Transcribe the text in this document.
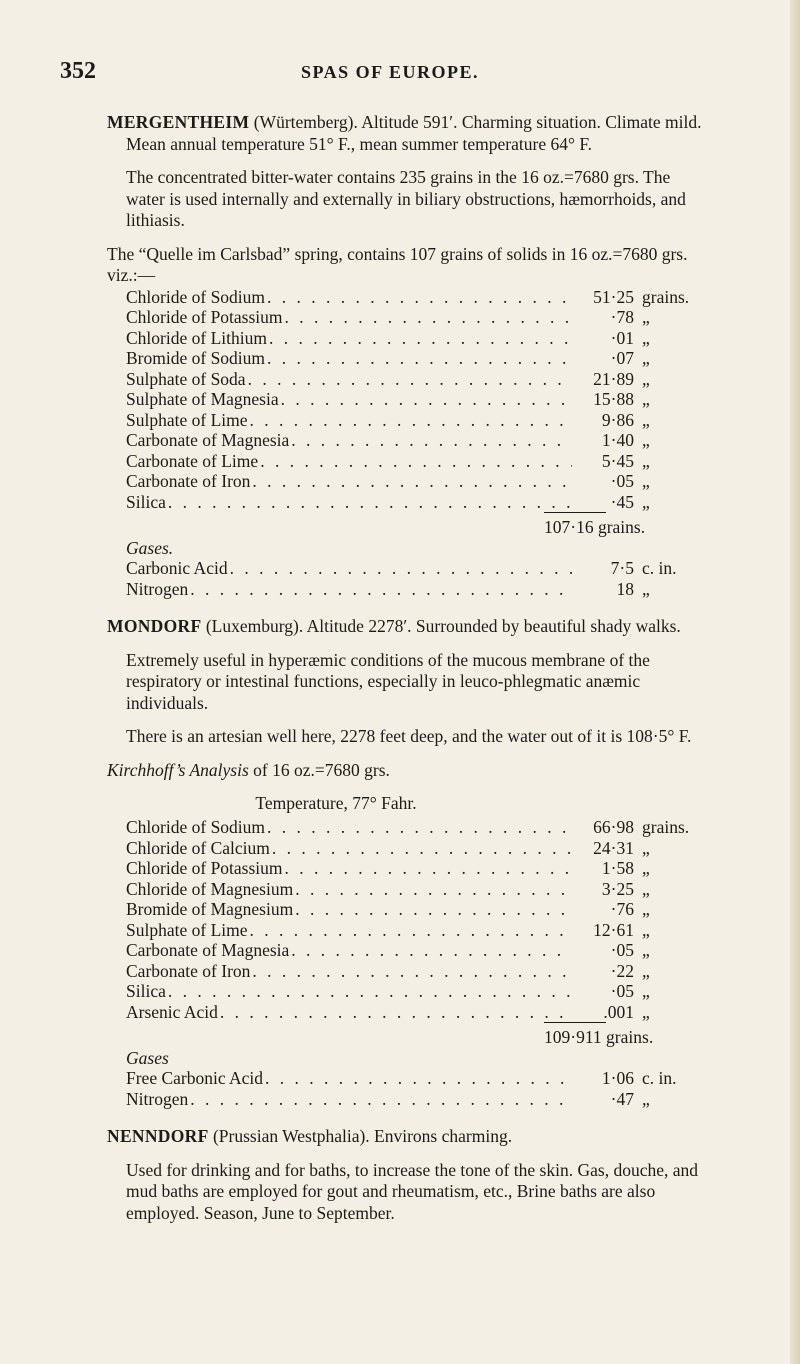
352	SPAS OF EUROPE.

MERGENTHEIM (Würtemberg). Altitude 591′. Charming situation. Climate mild. Mean annual temperature 51° F., mean summer temperature 64° F.

The concentrated bitter-water contains 235 grains in the 16 oz.=7680 grs. The water is used internally and externally in biliary obstructions, hæmorrhoids, and lithiasis.

The “Quelle im Carlsbad” spring, contains 107 grains of solids in 16 oz.=7680 grs. viz.:—

Chloride of Sodium . . .	51·25 grains.
Chloride of Potassium . . .	·78 „
Chloride of Lithium . . .	·01 „
Bromide of Sodium . . .	·07 „
Sulphate of Soda . . .	21·89 „
Sulphate of Magnesia . . .	15·88 „
Sulphate of Lime . . .	9·86 „
Carbonate of Magnesia . . .	1·40 „
Carbonate of Lime . . .	5·45 „
Carbonate of Iron . . .	·05 „
Silica . . .	·45 „
107·16 grains.
Gases.
Carbonic Acid . . .	7·5 c. in.
Nitrogen . . .	18 „

MONDORF (Luxemburg). Altitude 2278′. Surrounded by beautiful shady walks.

Extremely useful in hyperæmic conditions of the mucous membrane of the respiratory or intestinal functions, especially in leuco-phlegmatic anæmic individuals.

There is an artesian well here, 2278 feet deep, and the water out of it is 108·5° F.

Kirchhoff’s Analysis of 16 oz.=7680 grs.

Temperature, 77° Fahr.
Chloride of Sodium . . .	66·98 grains.
Chloride of Calcium . . .	24·31 „
Chloride of Potassium . . .	1·58 „
Chloride of Magnesium . . .	3·25 „
Bromide of Magnesium . . .	·76 „
Sulphate of Lime . . .	12·61 „
Carbonate of Magnesia . . .	·05 „
Carbonate of Iron . . .	·22 „
Silica . . .	·05 „
Arsenic Acid . . .	.001 „
109·911 grains.
Gases
Free Carbonic Acid . . .	1·06 c. in.
Nitrogen . . .	·47 „

NENNDORF (Prussian Westphalia). Environs charming.

Used for drinking and for baths, to increase the tone of the skin. Gas, douche, and mud baths are employed for gout and rheumatism, etc., Brine baths are also employed. Season, June to September.
